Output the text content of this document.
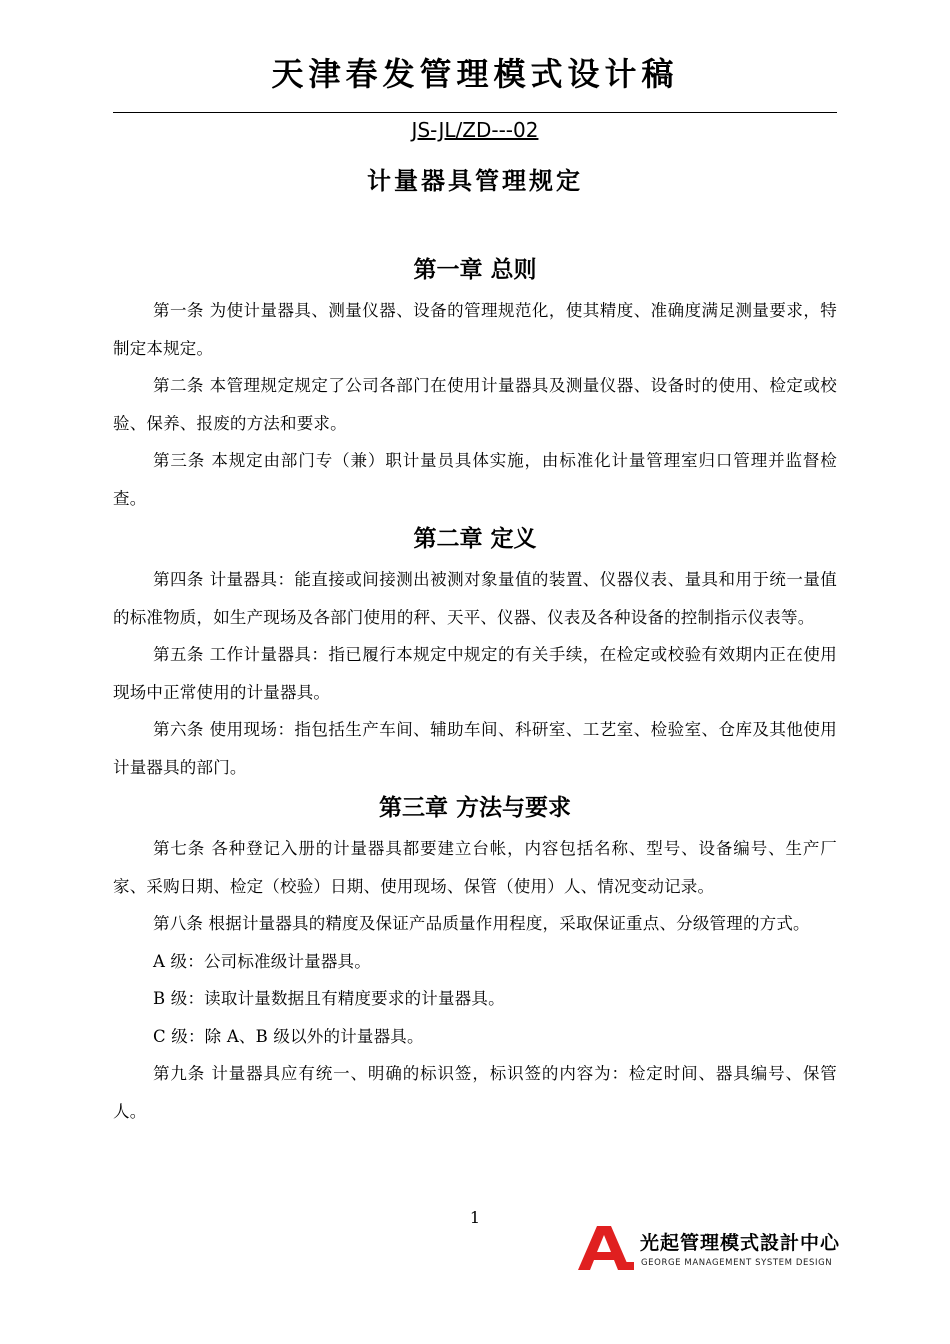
天津春发管理模式设计稿
JS-JL/ZD---02
计量器具管理规定
第一章 总则

第一条 为使计量器具、测量仪器、设备的管理规范化，使其精度、准确度满足测量要求，特制定本规定。

第二条 本管理规定规定了公司各部门在使用计量器具及测量仪器、设备时的使用、检定或校验、保养、报废的方法和要求。

第三条 本规定由部门专（兼）职计量员具体实施，由标准化计量管理室归口管理并监督检查。

第二章 定义

第四条 计量器具：能直接或间接测出被测对象量值的装置、仪器仪表、量具和用于统一量值的标准物质，如生产现场及各部门使用的秤、天平、仪器、仪表及各种设备的控制指示仪表等。

第五条 工作计量器具：指已履行本规定中规定的有关手续，在检定或校验有效期内正在使用现场中正常使用的计量器具。

第六条 使用现场：指包括生产车间、辅助车间、科研室、工艺室、检验室、仓库及其他使用计量器具的部门。

第三章 方法与要求

第七条 各种登记入册的计量器具都要建立台帐，内容包括名称、型号、设备编号、生产厂家、采购日期、检定（校验）日期、使用现场、保管（使用）人、情况变动记录。

第八条 根据计量器具的精度及保证产品质量作用程度，采取保证重点、分级管理的方式。

A 级：公司标准级计量器具。

B 级：读取计量数据且有精度要求的计量器具。

C 级：除 A、B 级以外的计量器具。

第九条 计量器具应有统一、明确的标识签，标识签的内容为：检定时间、器具编号、保管人。

1
光起管理模式設計中心
GEORGE MANAGEMENT SYSTEM DESIGN
